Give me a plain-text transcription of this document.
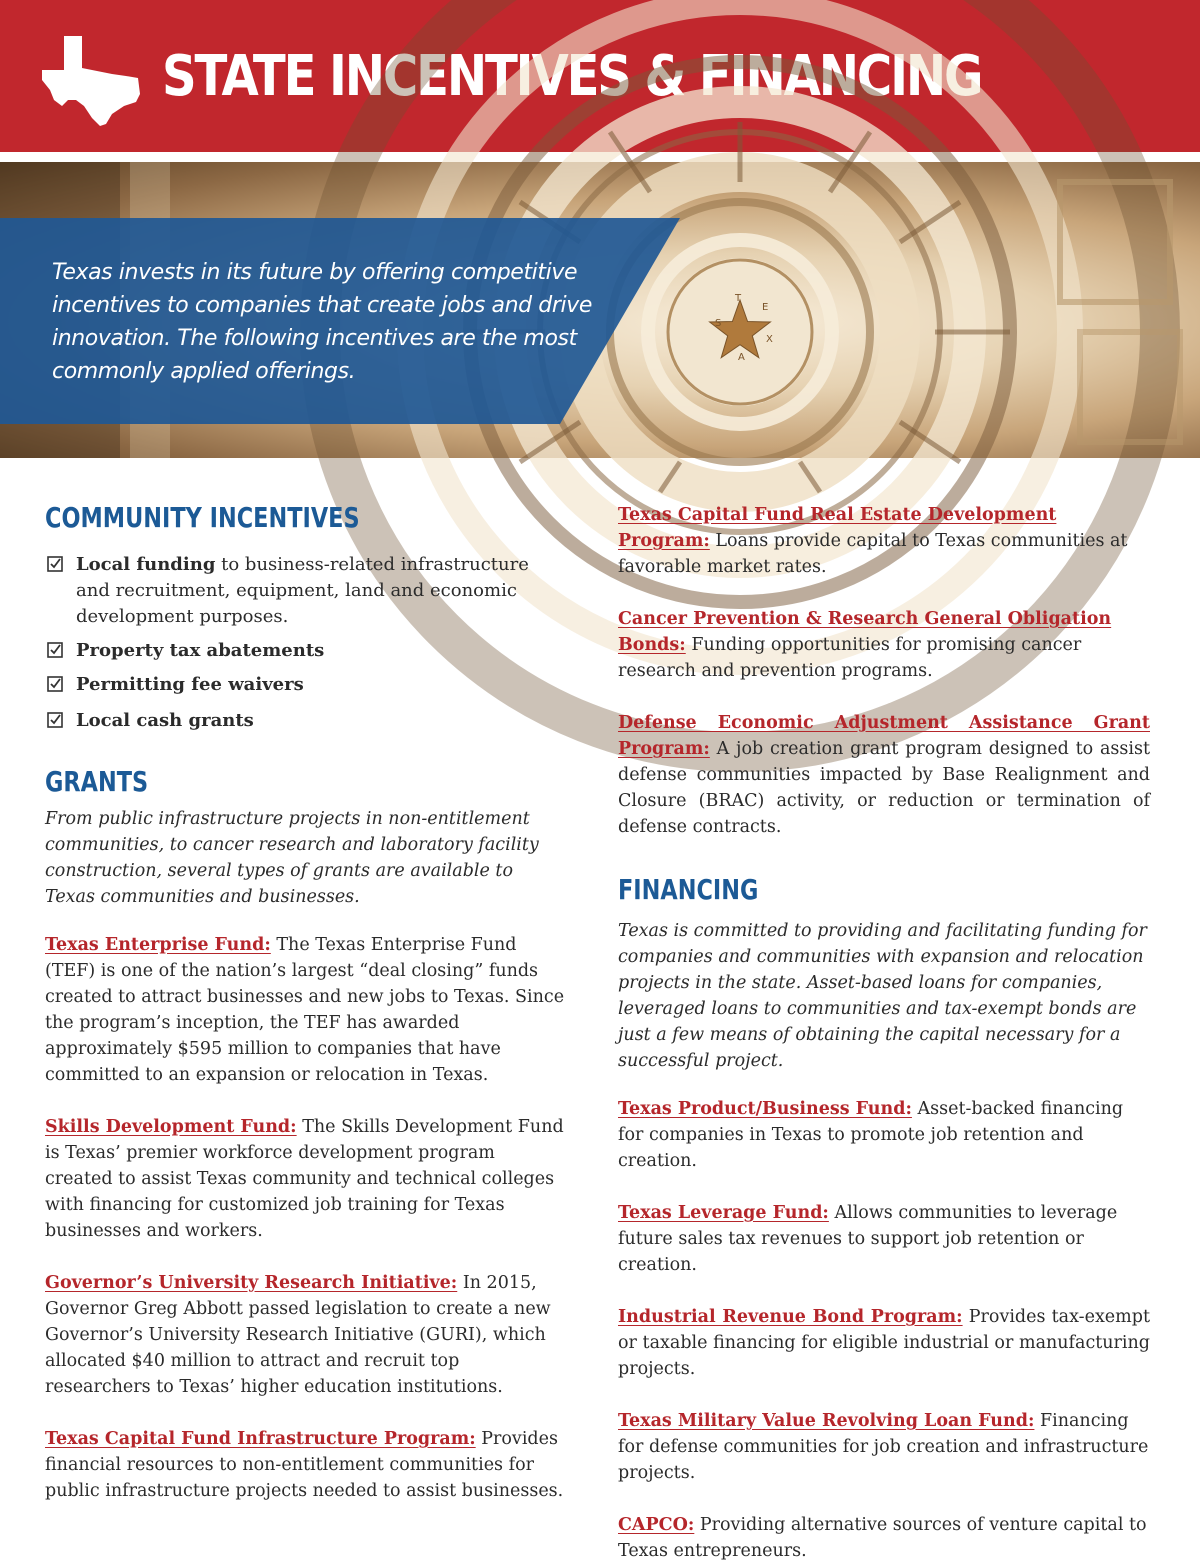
STATE INCENTIVES & FINANCING
Texas invests in its future by offering competitive incentives to companies that create jobs and drive innovation. The following incentives are the most commonly applied offerings.
T
E
X
A
S
COMMUNITY INCENTIVES
Local funding to business-related infrastructure and recruitment, equipment, land and economic development purposes.
Property tax abatements
Permitting fee waivers
Local cash grants
GRANTS

From public infrastructure projects in non-entitlement communities, to cancer research and laboratory facility construction, several types of grants are available to Texas communities and businesses.

Texas Enterprise Fund: The Texas Enterprise Fund (TEF) is one of the nation’s largest “deal closing” funds created to attract businesses and new jobs to Texas. Since the program’s inception, the TEF has awarded approximately $595 million to companies that have committed to an expansion or relocation in Texas.

Skills Development Fund: The Skills Development Fund is Texas’ premier workforce development program created to assist Texas community and technical colleges with financing for customized job training for Texas businesses and workers.

Governor’s University Research Initiative: In 2015, Governor Greg Abbott passed legislation to create a new Governor’s University Research Initiative (GURI), which allocated $40 million to attract and recruit top researchers to Texas’ higher education institutions.

Texas Capital Fund Infrastructure Program: Provides financial resources to non-entitlement communities for public infrastructure projects needed to assist businesses.

Texas Capital Fund Real Estate Development Program: Loans provide capital to Texas communities at favorable market rates.

Cancer Prevention & Research General Obligation Bonds: Funding opportunities for promising cancer research and prevention programs.

Defense Economic Adjustment Assistance Grant Program: A job creation grant program designed to assist defense communities impacted by Base Realignment and Closure (BRAC) activity, or reduction or termination of defense contracts.

FINANCING

Texas is committed to providing and facilitating funding for companies and communities with expansion and relocation projects in the state. Asset-based loans for companies, leveraged loans to communities and tax-exempt bonds are just a few means of obtaining the capital necessary for a successful project.

Texas Product/Business Fund: Asset-backed financing for companies in Texas to promote job retention and creation.

Texas Leverage Fund: Allows communities to leverage future sales tax revenues to support job retention or creation.

Industrial Revenue Bond Program: Provides tax-exempt or taxable financing for eligible industrial or manufacturing projects.

Texas Military Value Revolving Loan Fund: Financing for defense communities for job creation and infrastructure projects.

CAPCO: Providing alternative sources of venture capital to Texas entrepreneurs.
